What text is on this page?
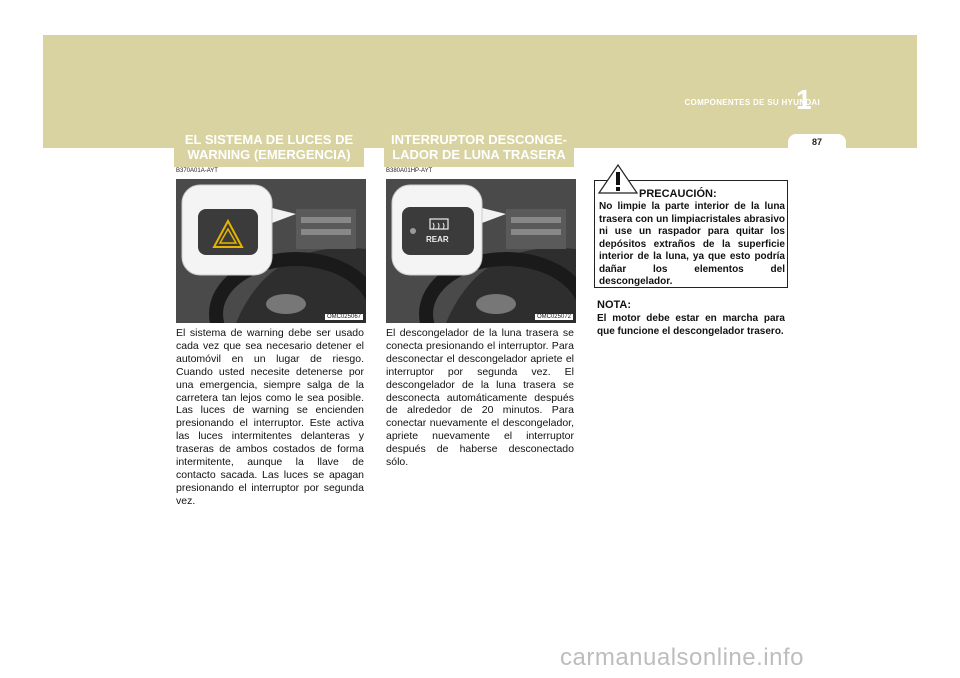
COMPONENTES DE SU HYUNDAI
1
87
EL SISTEMA DE LUCES DE WARNING (EMERGENCIA)
B370A01A-AYT
OMC025067
El sistema de warning debe ser usado cada vez que sea necesario detener el automóvil en un lugar de riesgo. Cuando usted necesite detenerse por una emergencia, siempre salga de la carretera tan lejos como le sea posible. Las luces de warning se encienden presionando el interruptor. Este activa las luces intermitentes delanteras y traseras de ambos costados de forma intermitente, aunque la llave de contacto sacada. Las luces se apagan presionando el interruptor por segunda vez.
INTERRUPTOR DESCONGE- LADOR DE LUNA TRASERA
B380A01HP-AYT
REAR
OMC025072
El descongelador de la luna trasera se conecta presionando el interruptor. Para desconectar el descongelador apriete el interruptor por segunda vez. El descongelador de la luna trasera se desconecta automáticamente después de alrededor de 20 minutos. Para conectar nuevamente el descongelador, apriete nuevamente el interruptor después de haberse desconectado sólo.
PRECAUCIÓN:
No limpie la parte interior de la luna trasera con un limpiacristales abrasivo ni use un raspador para quitar los depósitos extraños de la superficie interior de la luna, ya que esto podría dañar los elementos del descongelador.
NOTA:
El motor debe estar en marcha para que funcione el descongelador trasero.
carmanualsonline.info
